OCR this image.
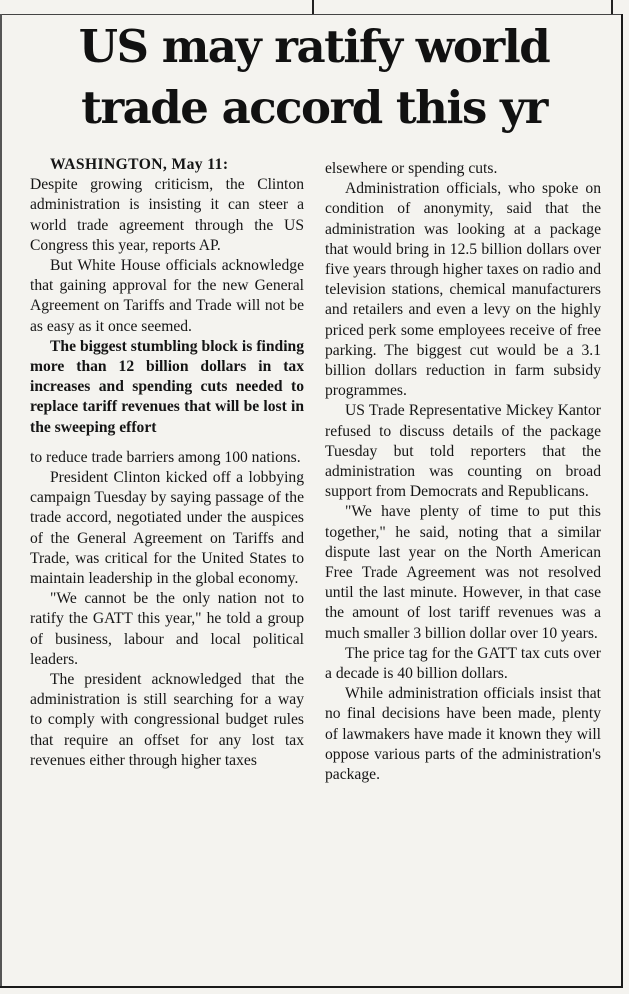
US may ratify world
trade accord this yr

WASHINGTON, May 11:

Despite growing criticism, the Clinton administration is insisting it can steer a world trade agreement through the US Congress this year, reports AP.

But White House officials acknowledge that gaining approval for the new General Agreement on Tariffs and Trade will not be as easy as it once seemed.

The biggest stumbling block is finding more than 12 billion dollars in tax increases and spending cuts needed to replace tariff revenues that will be lost in the sweeping effort

to reduce trade barriers among 100 nations.

President Clinton kicked off a lobbying campaign Tuesday by saying passage of the trade accord, negotiated under the auspices of the General Agreement on Tariffs and Trade, was critical for the United States to maintain leadership in the global economy.

"We cannot be the only nation not to ratify the GATT this year," he told a group of business, labour and local political leaders.

The president acknowledged that the administration is still searching for a way to comply with congressional budget rules that require an offset for any lost tax revenues either through higher taxes

elsewhere or spending cuts.

Administration officials, who spoke on condition of anonymity, said that the administration was looking at a package that would bring in 12.5 billion dollars over five years through higher taxes on radio and television stations, chemical manufacturers and retailers and even a levy on the highly priced perk some employees receive of free parking. The biggest cut would be a 3.1 billion dollars reduction in farm subsidy programmes.

US Trade Representative Mickey Kantor refused to discuss details of the package Tuesday but told reporters that the administration was counting on broad support from Democrats and Republicans.

"We have plenty of time to put this together," he said, noting that a similar dispute last year on the North American Free Trade Agreement was not resolved until the last minute. However, in that case the amount of lost tariff revenues was a much smaller 3 billion dollar over 10 years.

The price tag for the GATT tax cuts over a decade is 40 billion dollars.

While administration officials insist that no final decisions have been made, plenty of lawmakers have made it known they will oppose various parts of the administration's package.
